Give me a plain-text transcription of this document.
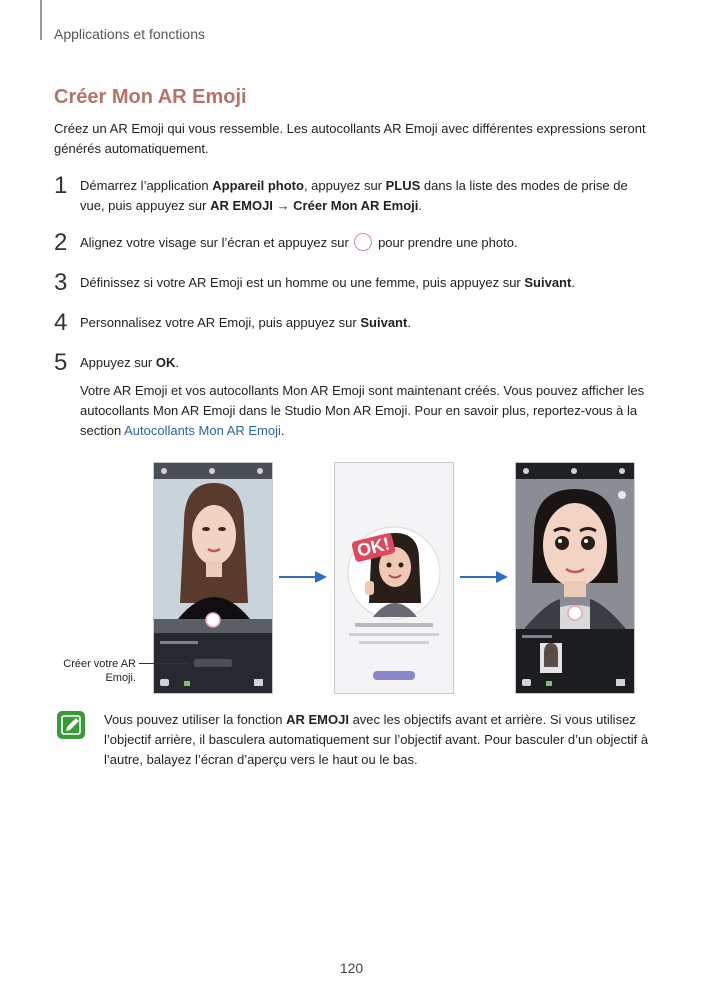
Applications et fonctions
Créer Mon AR Emoji
Créez un AR Emoji qui vous ressemble. Les autocollants AR Emoji avec différentes expressions seront générés automatiquement.
1 Démarrez l’application Appareil photo, appuyez sur PLUS dans la liste des modes de prise de vue, puis appuyez sur AR EMOJI → Créer Mon AR Emoji.
2 Alignez votre visage sur l’écran et appuyez sur pour prendre une photo.
3 Définissez si votre AR Emoji est un homme ou une femme, puis appuyez sur Suivant.
4 Personnalisez votre AR Emoji, puis appuyez sur Suivant.
5 Appuyez sur OK.
Votre AR Emoji et vos autocollants Mon AR Emoji sont maintenant créés. Vous pouvez afficher les autocollants Mon AR Emoji dans le Studio Mon AR Emoji. Pour en savoir plus, reportez-vous à la section Autocollants Mon AR Emoji.
Créer votre AR Emoji.
OK!
Vous pouvez utiliser la fonction AR EMOJI avec les objectifs avant et arrière. Si vous utilisez l’objectif arrière, il basculera automatiquement sur l’objectif avant. Pour basculer d’un objectif à l’autre, balayez l’écran d’aperçu vers le haut ou le bas.
120
